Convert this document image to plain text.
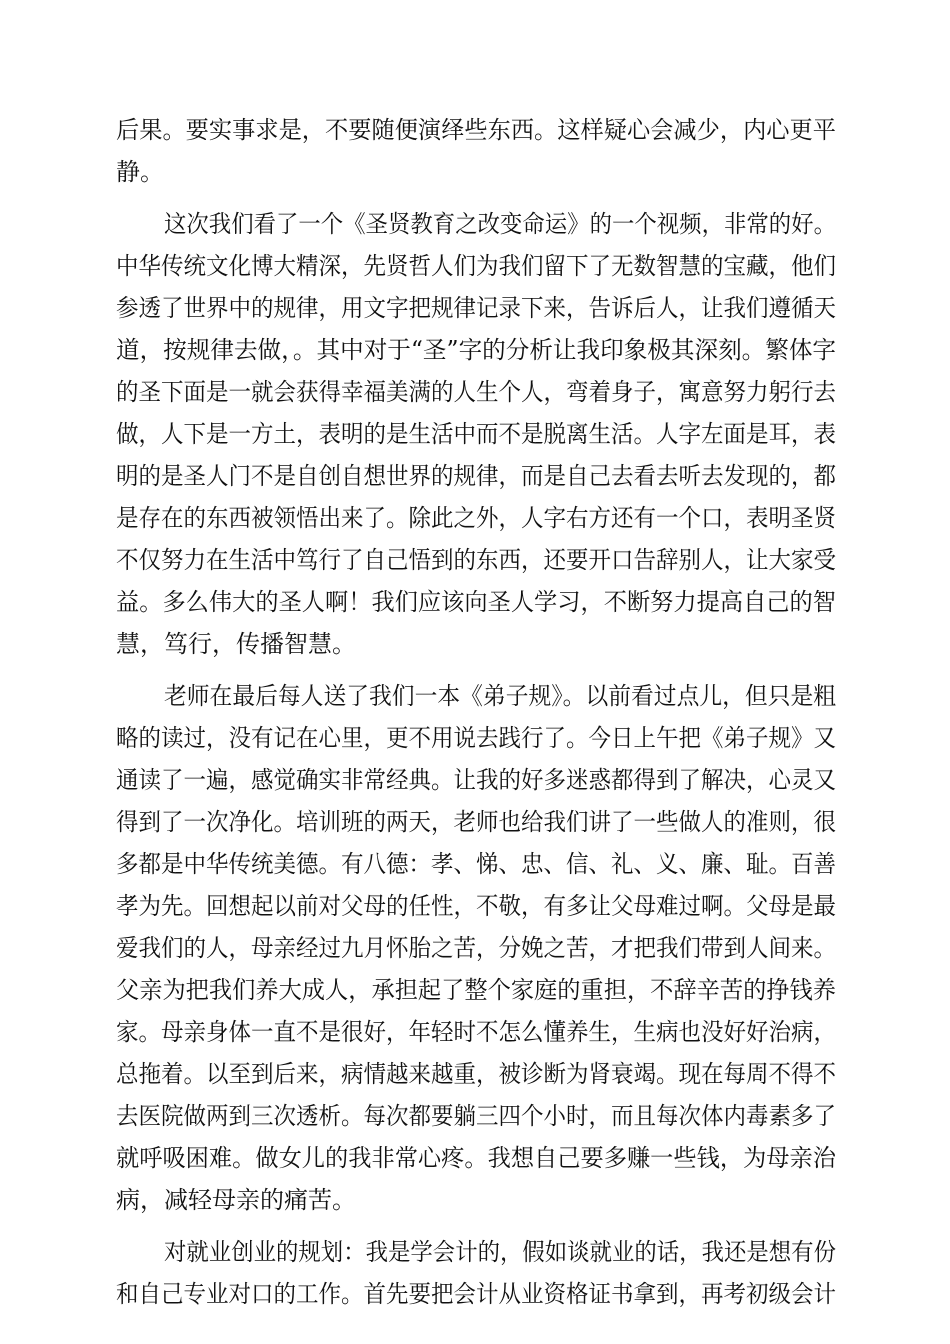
后果。要实事求是，不要随便演绎些东西。这样疑心会减少，内心更平
静。
这次我们看了一个《圣贤教育之改变命运》的一个视频，非常的好。
中华传统文化博大精深，先贤哲人们为我们留下了无数智慧的宝藏，他们
参透了世界中的规律，用文字把规律记录下来，告诉后人，让我们遵循天
道，按规律去做，。其中对于“圣”字的分析让我印象极其深刻。繁体字
的圣下面是一就会获得幸福美满的人生个人，弯着身子，寓意努力躬行去
做，人下是一方土，表明的是生活中而不是脱离生活。人字左面是耳，表
明的是圣人门不是自创自想世界的规律，而是自己去看去听去发现的，都
是存在的东西被领悟出来了。除此之外，人字右方还有一个口，表明圣贤
不仅努力在生活中笃行了自己悟到的东西，还要开口告辞别人，让大家受
益。多么伟大的圣人啊！我们应该向圣人学习，不断努力提高自己的智
慧，笃行，传播智慧。
老师在最后每人送了我们一本《弟子规》。以前看过点儿，但只是粗
略的读过，没有记在心里，更不用说去践行了。今日上午把《弟子规》又
通读了一遍，感觉确实非常经典。让我的好多迷惑都得到了解决，心灵又
得到了一次净化。培训班的两天，老师也给我们讲了一些做人的准则，很
多都是中华传统美德。有八德：孝、悌、忠、信、礼、义、廉、耻。百善
孝为先。回想起以前对父母的任性，不敬，有多让父母难过啊。父母是最
爱我们的人，母亲经过九月怀胎之苦，分娩之苦，才把我们带到人间来。
父亲为把我们养大成人，承担起了整个家庭的重担，不辞辛苦的挣钱养
家。母亲身体一直不是很好，年轻时不怎么懂养生，生病也没好好治病，
总拖着。以至到后来，病情越来越重，被诊断为肾衰竭。现在每周不得不
去医院做两到三次透析。每次都要躺三四个小时，而且每次体内毒素多了
就呼吸困难。做女儿的我非常心疼。我想自己要多赚一些钱，为母亲治
病，减轻母亲的痛苦。
对就业创业的规划：我是学会计的，假如谈就业的话，我还是想有份
和自己专业对口的工作。首先要把会计从业资格证书拿到，再考初级会计
